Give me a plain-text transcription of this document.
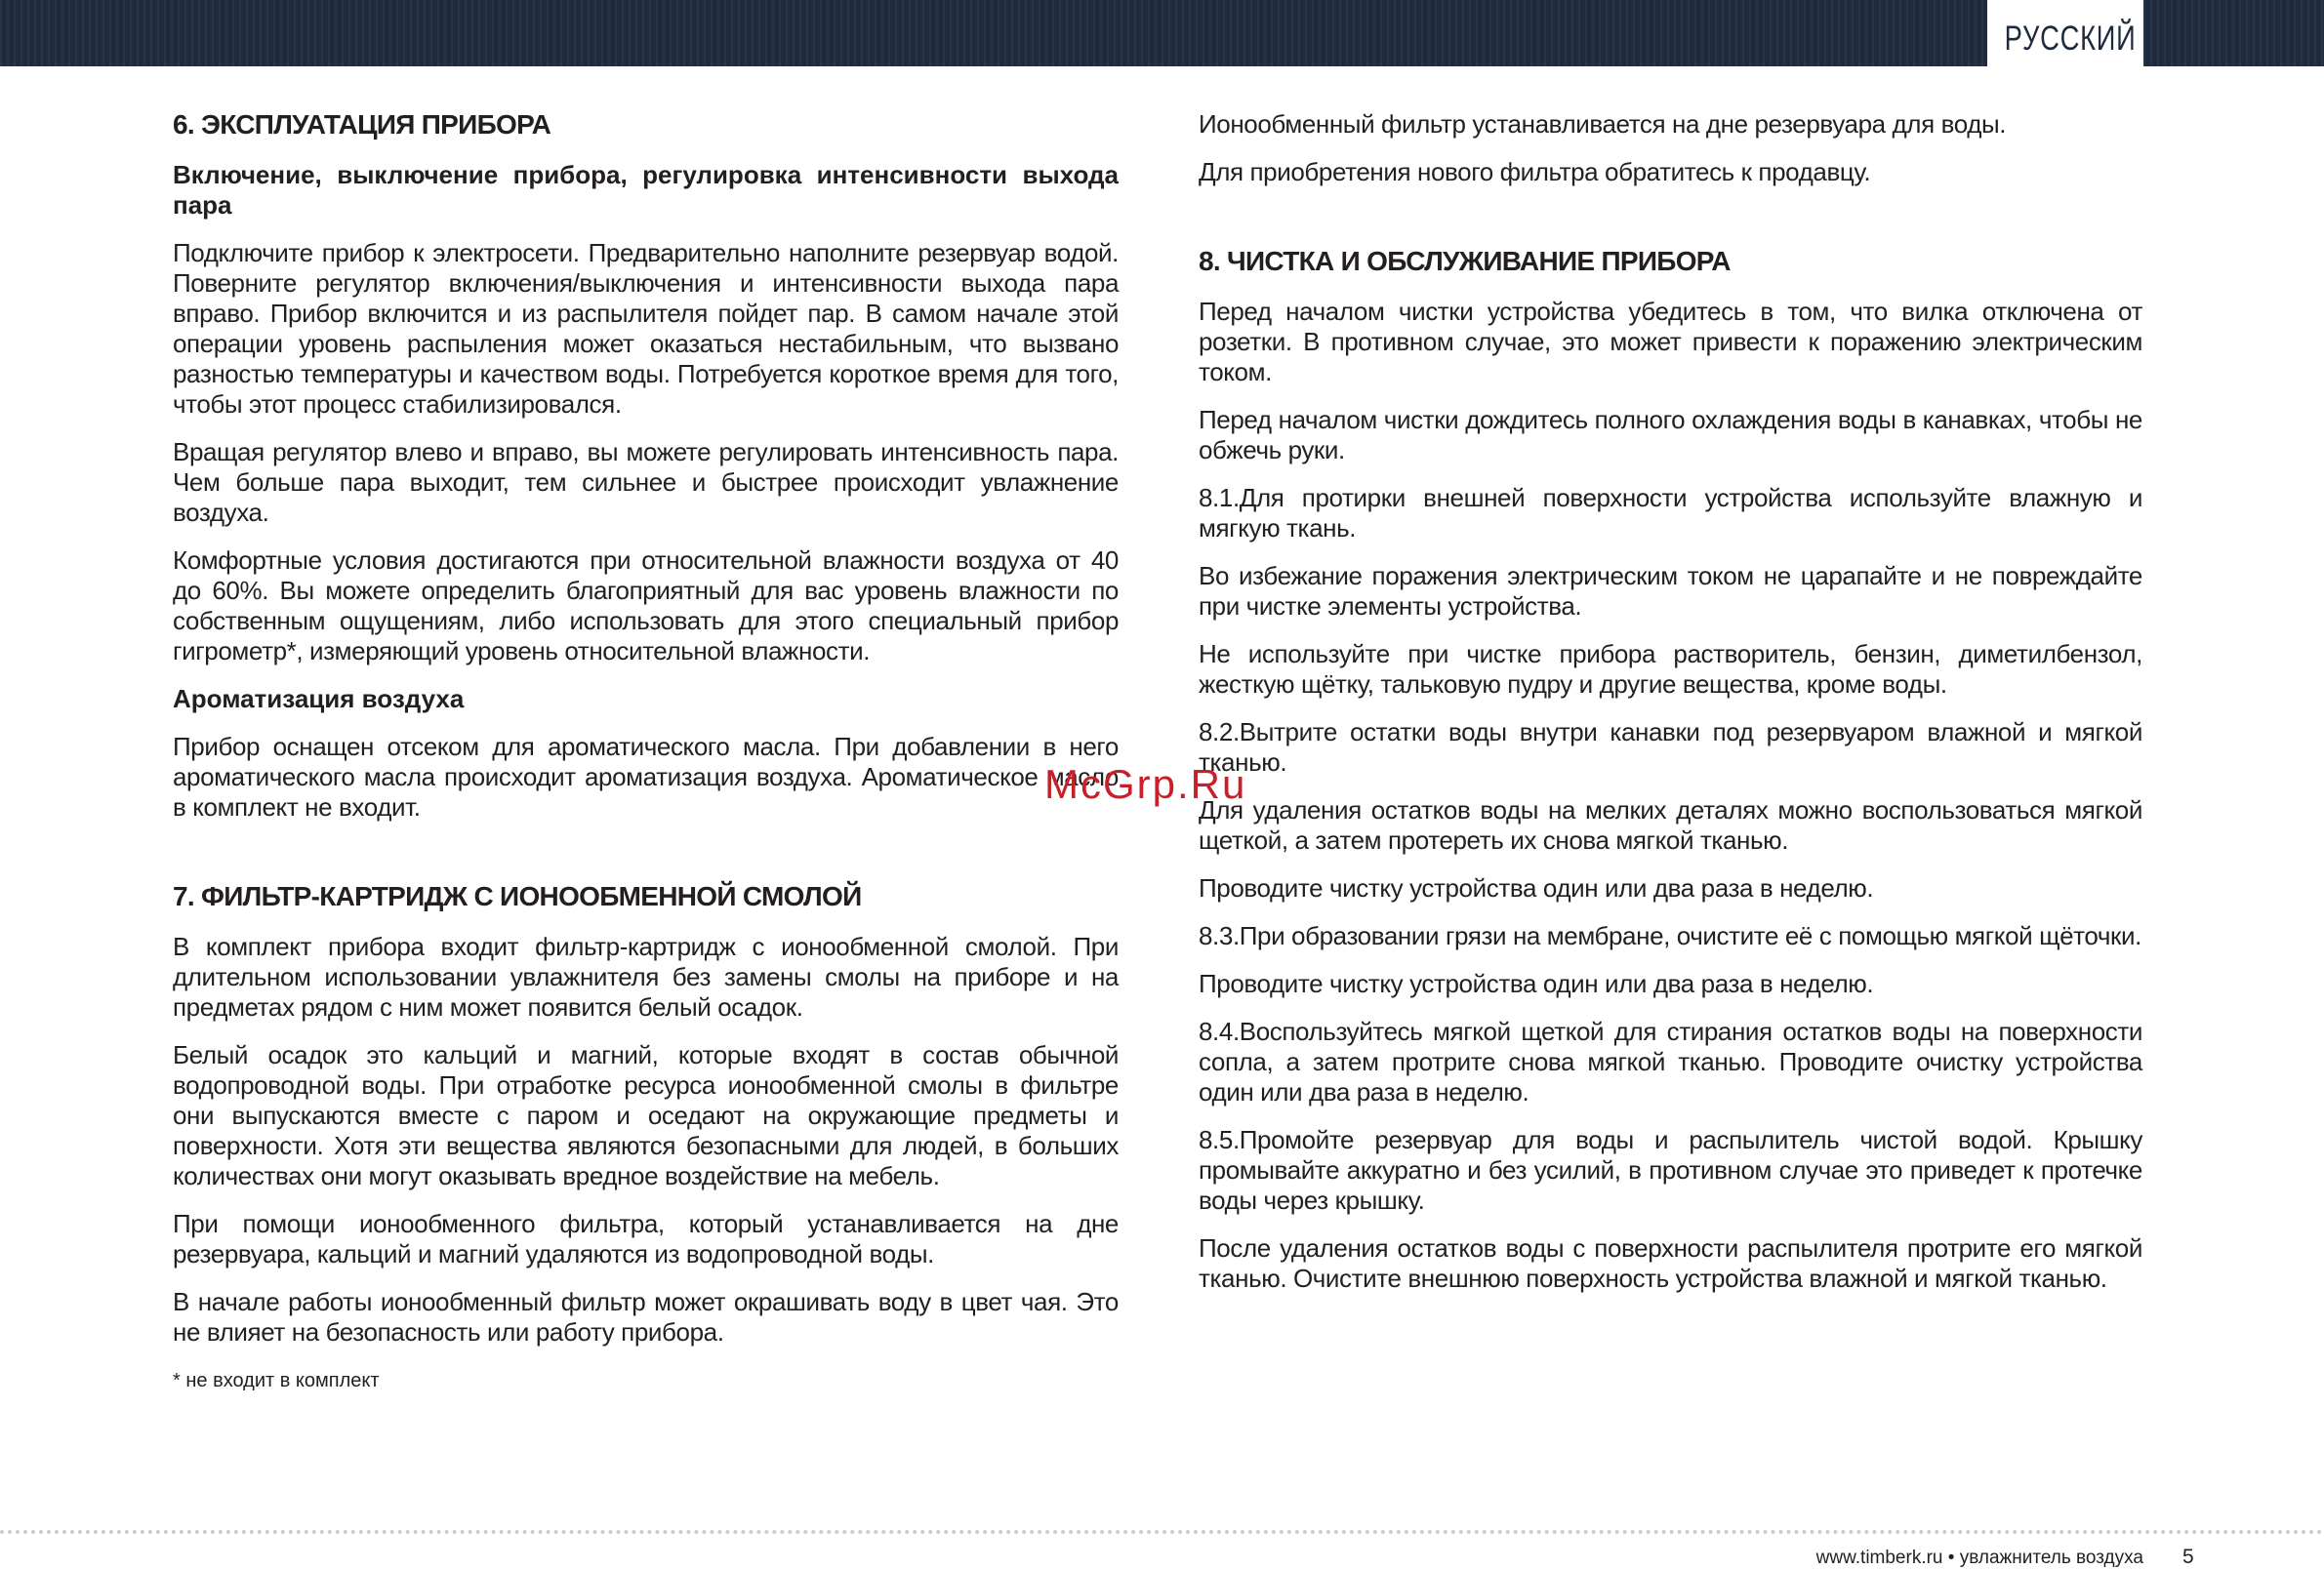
РУССКИЙ
6. ЭКСПЛУАТАЦИЯ ПРИБОРА
Включение, выключение прибора, регулировка интенсивности выхода пара

Подключите прибор к электросети. Предварительно наполните резервуар водой. Поверните регулятор включения/выключения и интенсивности выхода пара вправо. Прибор включится и из распылителя пойдет пар. В самом начале этой операции уровень распыления может оказаться нестабильным, что вызвано разностью температуры и качеством воды. Потребуется короткое время для того, чтобы этот процесс стабилизировался.

Вращая регулятор влево и вправо, вы можете регулировать интенсивность пара. Чем больше пара выходит, тем сильнее и быстрее происходит увлажнение воздуха.

Комфортные условия достигаются при относительной влажности воздуха от 40 до 60%. Вы можете определить благоприятный для вас уровень влажности по собственным ощущениям, либо использовать для этого специальный прибор гигрометр*, измеряющий уровень относительной влажности.

Ароматизация воздуха

Прибор оснащен отсеком для ароматического масла. При добавлении в него ароматического масла происходит ароматизация воздуха. Ароматическое масло в комплект не входит.

7. ФИЛЬТР-КАРТРИДЖ С ИОНООБМЕННОЙ СМОЛОЙ

В комплект прибора входит фильтр-картридж с ионообменной смолой. При длительном использовании увлажнителя без замены смолы на приборе и на предметах рядом с ним может появится белый осадок.

Белый осадок это кальций и магний, которые входят в состав обычной водопроводной воды. При отработке ресурса ионообменной смолы в фильтре они выпускаются вместе с паром и оседают на окружающие предметы и поверхности. Хотя эти вещества являются безопасными для людей, в больших количествах они могут оказывать вредное воздействие на мебель.

При помощи ионообменного фильтра, который устанавливается на дне резервуара, кальций и магний удаляются из водопроводной воды.

В начале работы ионообменный фильтр может окрашивать воду в цвет чая. Это не влияет на безопасность или работу прибора.

* не входит в комплект

Ионообменный фильтр устанавливается на дне резервуара для воды.

Для приобретения нового фильтра обратитесь к продавцу.

8. ЧИСТКА И ОБСЛУЖИВАНИЕ ПРИБОРА

Перед началом чистки устройства убедитесь в том, что вилка отключена от розетки. В противном случае, это может привести к поражению электрическим током.

Перед началом чистки дождитесь полного охлаждения воды в канавках, чтобы не обжечь руки.

8.1.Для протирки внешней поверхности устройства используйте влажную и мягкую ткань.

Во избежание поражения электрическим током не царапайте и не повреждайте при чистке элементы устройства.

Не используйте при чистке прибора растворитель, бензин, диметилбензол, жесткую щётку, тальковую пудру и другие вещества, кроме воды.

8.2.Вытрите остатки воды внутри канавки под резервуаром влажной и мягкой тканью.

Для удаления остатков воды на мелких деталях можно воспользоваться мягкой щеткой, а затем протереть их снова мягкой тканью.

Проводите чистку устройства один или два раза в неделю.

8.3.При образовании грязи на мембране, очистите её с помощью мягкой щёточки.

Проводите чистку устройства один или два раза в неделю.

8.4.Воспользуйтесь мягкой щеткой для стирания остатков воды на поверхности сопла, а затем протрите снова мягкой тканью. Проводите очистку устройства один или два раза в неделю.

8.5.Промойте резервуар для воды и распылитель чистой водой. Крышку промывайте аккуратно и без усилий, в противном случае это приведет к протечке воды через крышку.

После удаления остатков воды с поверхности распылителя протрите его мягкой тканью. Очистите внешнюю поверхность устройства влажной и мягкой тканью.

McGrp.Ru
www.timberk.ru • увлажнитель воздуха 5
